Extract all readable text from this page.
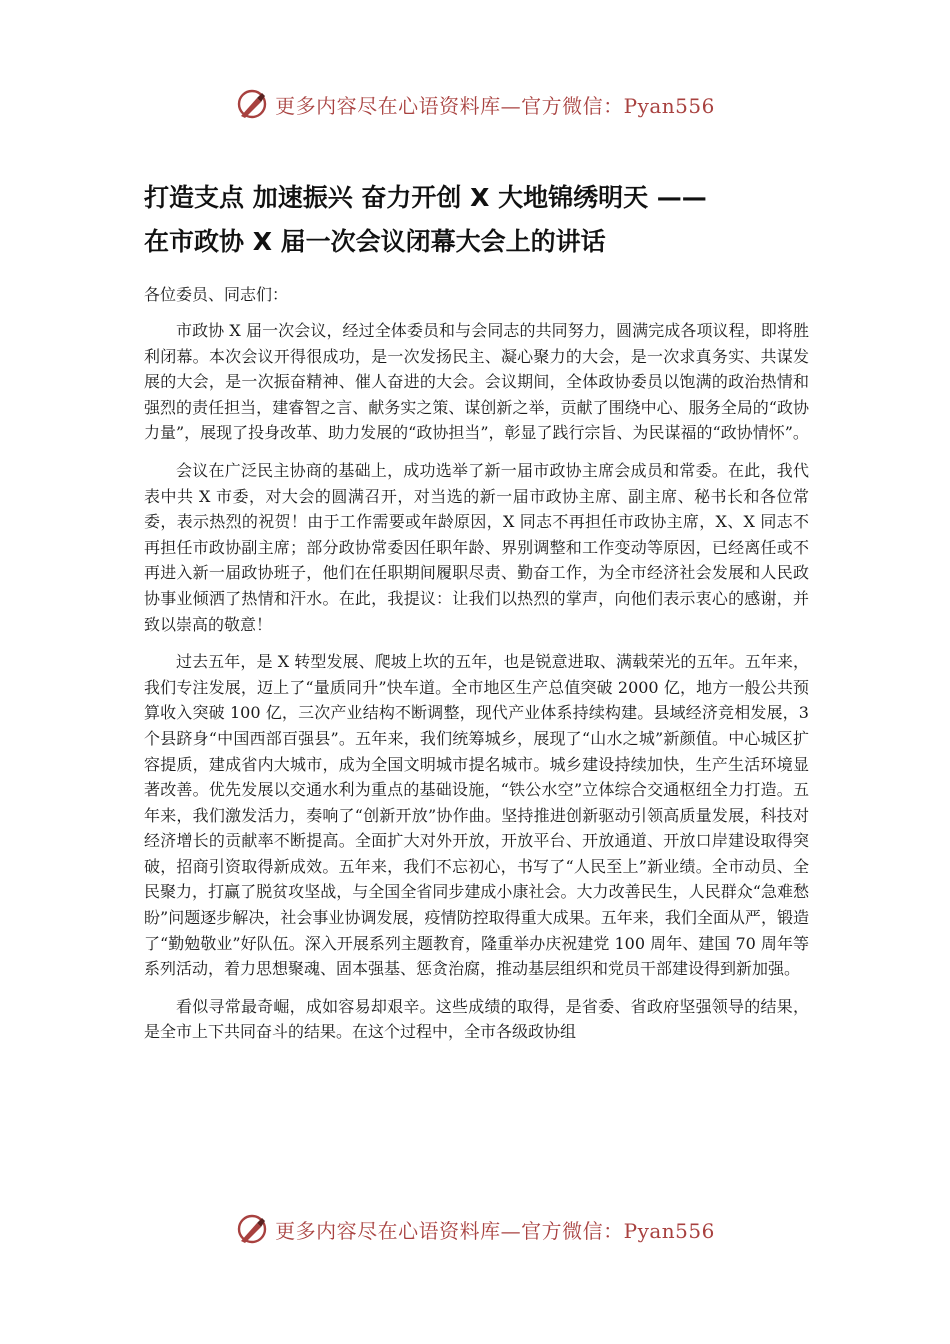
更多内容尽在心语资料库—官方微信：Pyan556
打造支点 加速振兴 奋力开创 X 大地锦绣明天 ——
在市政协 X 届一次会议闭幕大会上的讲话
各位委员、同志们：

市政协 X 届一次会议，经过全体委员和与会同志的共同努力，圆满完成各项议程，即将胜利闭幕。本次会议开得很成功，是一次发扬民主、凝心聚力的大会，是一次求真务实、共谋发展的大会，是一次振奋精神、催人奋进的大会。会议期间，全体政协委员以饱满的政治热情和强烈的责任担当，建睿智之言、献务实之策、谋创新之举，贡献了围绕中心、服务全局的“政协力量”，展现了投身改革、助力发展的“政协担当”，彰显了践行宗旨、为民谋福的“政协情怀”。

会议在广泛民主协商的基础上，成功选举了新一届市政协主席会成员和常委。在此，我代表中共 X 市委，对大会的圆满召开，对当选的新一届市政协主席、副主席、秘书长和各位常委，表示热烈的祝贺！由于工作需要或年龄原因，X 同志不再担任市政协主席，X、X 同志不再担任市政协副主席；部分政协常委因任职年龄、界别调整和工作变动等原因，已经离任或不再进入新一届政协班子，他们在任职期间履职尽责、勤奋工作，为全市经济社会发展和人民政协事业倾洒了热情和汗水。在此，我提议：让我们以热烈的掌声，向他们表示衷心的感谢，并致以崇高的敬意！

过去五年，是 X 转型发展、爬坡上坎的五年，也是锐意进取、满载荣光的五年。五年来，我们专注发展，迈上了“量质同升”快车道。全市地区生产总值突破 2000 亿，地方一般公共预算收入突破 100 亿，三次产业结构不断调整，现代产业体系持续构建。县域经济竞相发展，3 个县跻身“中国西部百强县”。五年来，我们统筹城乡，展现了“山水之城”新颜值。中心城区扩容提质，建成省内大城市，成为全国文明城市提名城市。城乡建设持续加快，生产生活环境显著改善。优先发展以交通水利为重点的基础设施，“铁公水空”立体综合交通枢纽全力打造。五年来，我们激发活力，奏响了“创新开放”协作曲。坚持推进创新驱动引领高质量发展，科技对经济增长的贡献率不断提高。全面扩大对外开放，开放平台、开放通道、开放口岸建设取得突破，招商引资取得新成效。五年来，我们不忘初心，书写了“人民至上”新业绩。全市动员、全民聚力，打赢了脱贫攻坚战，与全国全省同步建成小康社会。大力改善民生，人民群众“急难愁盼”问题逐步解决，社会事业协调发展，疫情防控取得重大成果。五年来，我们全面从严，锻造了“勤勉敬业”好队伍。深入开展系列主题教育，隆重举办庆祝建党 100 周年、建国 70 周年等系列活动，着力思想聚魂、固本强基、惩贪治腐，推动基层组织和党员干部建设得到新加强。

看似寻常最奇崛，成如容易却艰辛。这些成绩的取得，是省委、省政府坚强领导的结果，是全市上下共同奋斗的结果。在这个过程中，全市各级政协组

更多内容尽在心语资料库—官方微信：Pyan556
